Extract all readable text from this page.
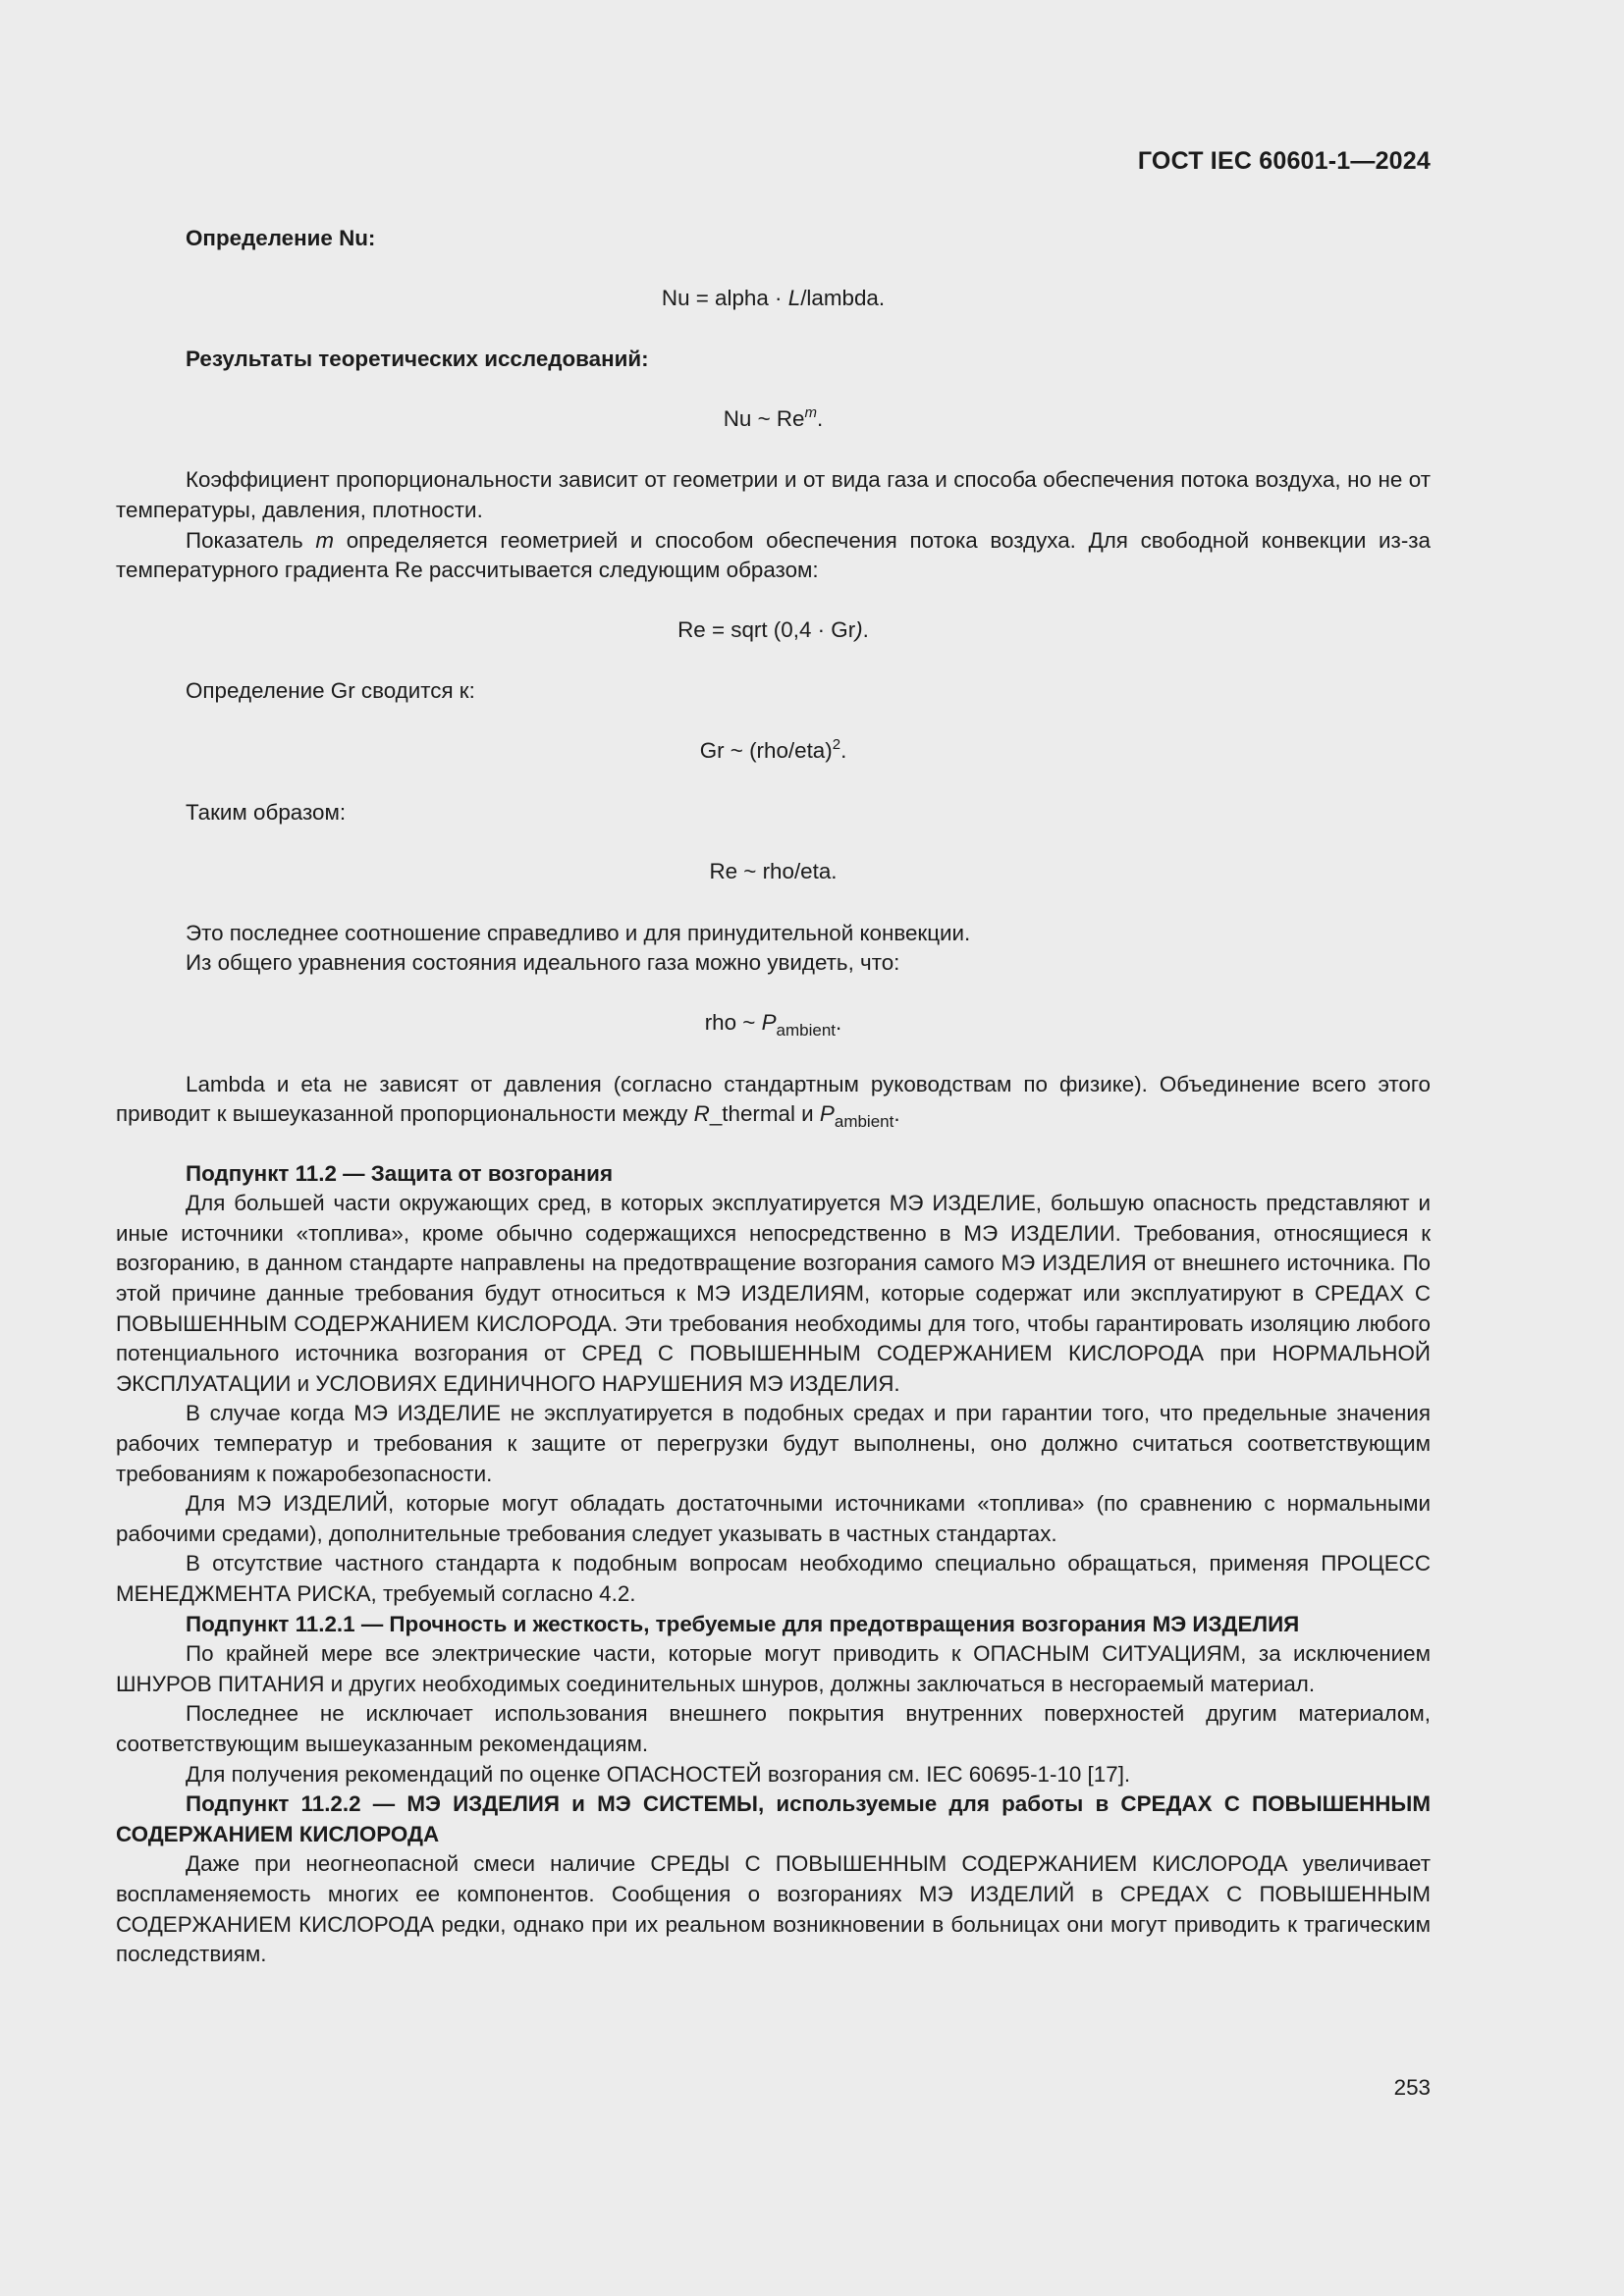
ГОСТ IEC 60601-1—2024

Определение Nu:

Nu = alpha · L/lambda.

Результаты теоретических исследований:

Nu ~ Re$^m$.

Коэффициент пропорциональности зависит от геометрии и от вида газа и способа обеспечения потока воздуха, но не от температуры, давления, плотности.

Показатель m определяется геометрией и способом обеспечения потока воздуха. Для свободной конвекции из-за температурного градиента Re рассчитывается следующим образом:

Re = sqrt (0,4 · Gr).

Определение Gr сводится к:

Gr ~ $(rho/eta)^2$.

Таким образом:

Re ~ rho/eta.

Это последнее соотношение справедливо и для принудительной конвекции.

Из общего уравнения состояния идеального газа можно увидеть, что:

rho ~ $P_{ambient}$.

Lambda и eta не зависят от давления (согласно стандартным руководствам по физике). Объединение всего этого приводит к вышеуказанной пропорциональности между R_thermal и $P_{ambient}$.

Подпункт 11.2 — Защита от возгорания

Для большей части окружающих сред, в которых эксплуатируется МЭ ИЗДЕЛИЕ, большую опасность представляют и иные источники «топлива», кроме обычно содержащихся непосредственно в МЭ ИЗДЕЛИИ. Требования, относящиеся к возгоранию, в данном стандарте направлены на предотвращение возгорания самого МЭ ИЗДЕЛИЯ от внешнего источника. По этой причине данные требования будут относиться к МЭ ИЗДЕЛИЯМ, которые содержат или эксплуатируют в СРЕДАХ С ПОВЫШЕННЫМ СОДЕРЖАНИЕМ КИСЛОРОДА. Эти требования необходимы для того, чтобы гарантировать изоляцию любого потенциального источника возгорания от СРЕД С ПОВЫШЕННЫМ СОДЕРЖАНИЕМ КИСЛОРОДА при НОРМАЛЬНОЙ ЭКСПЛУАТАЦИИ и УСЛОВИЯХ ЕДИНИЧНОГО НАРУШЕНИЯ МЭ ИЗДЕЛИЯ.

В случае когда МЭ ИЗДЕЛИЕ не эксплуатируется в подобных средах и при гарантии того, что предельные значения рабочих температур и требования к защите от перегрузки будут выполнены, оно должно считаться соответствующим требованиям к пожаробезопасности.

Для МЭ ИЗДЕЛИЙ, которые могут обладать достаточными источниками «топлива» (по сравнению с нормальными рабочими средами), дополнительные требования следует указывать в частных стандартах.

В отсутствие частного стандарта к подобным вопросам необходимо специально обращаться, применяя ПРОЦЕСС МЕНЕДЖМЕНТА РИСКА, требуемый согласно 4.2.

Подпункт 11.2.1 — Прочность и жесткость, требуемые для предотвращения возгорания МЭ ИЗДЕЛИЯ

По крайней мере все электрические части, которые могут приводить к ОПАСНЫМ СИТУАЦИЯМ, за исключением ШНУРОВ ПИТАНИЯ и других необходимых соединительных шнуров, должны заключаться в несгораемый материал.

Последнее не исключает использования внешнего покрытия внутренних поверхностей другим материалом, соответствующим вышеуказанным рекомендациям.

Для получения рекомендаций по оценке ОПАСНОСТЕЙ возгорания см. IEC 60695-1-10 [17].

Подпункт 11.2.2 — МЭ ИЗДЕЛИЯ и МЭ СИСТЕМЫ, используемые для работы в СРЕДАХ С ПОВЫШЕННЫМ СОДЕРЖАНИЕМ КИСЛОРОДА

Даже при неогнеопасной смеси наличие СРЕДЫ С ПОВЫШЕННЫМ СОДЕРЖАНИЕМ КИСЛОРОДА увеличивает воспламеняемость многих ее компонентов. Сообщения о возгораниях МЭ ИЗДЕЛИЙ в СРЕДАХ С ПОВЫШЕННЫМ СОДЕРЖАНИЕМ КИСЛОРОДА редки, однако при их реальном возникновении в больницах они могут приводить к трагическим последствиям.

253
